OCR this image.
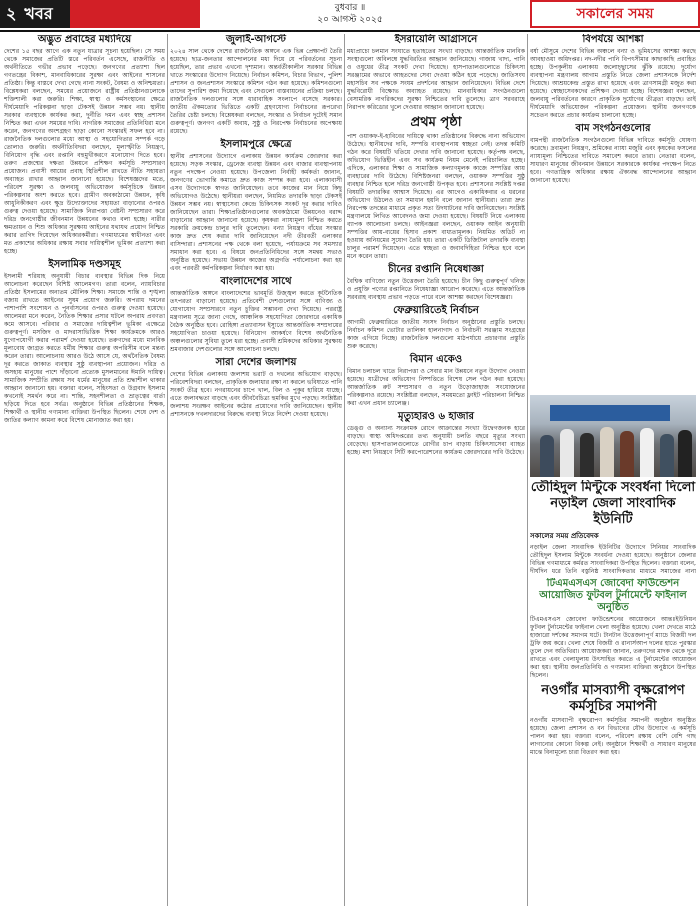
২ খবর	বুধবার ॥
২০ আগস্ট ২০২৫	সকালের সময়
অদ্ভুত প্রবাহের মধ্যদিয়ে
দেশের ১৫ বছর আগে এক নতুন যাত্রার সূচনা হয়েছিল। সে সময় থেকে সমাজের প্রতিটি স্তরে পরিবর্তন এসেছে, রাজনীতি ও অর্থনীতিতে গভীর প্রভাব পড়েছে। জনগণের প্রত্যাশা ছিল গণতন্ত্রের বিকাশ, মানবাধিকারের সুরক্ষা এবং আইনের শাসনের প্রতিষ্ঠা। কিন্তু বাস্তবে দেখা গেছে নানা সংকট, বৈষম্য ও অনিশ্চয়তা। বিশ্লেষকরা বলছেন, সময়ের প্রয়োজনে রাষ্ট্রীয় প্রতিষ্ঠানগুলোকে শক্তিশালী করা জরুরি। শিক্ষা, স্বাস্থ্য ও কর্মসংস্থানের ক্ষেত্রে দীর্ঘমেয়াদি পরিকল্পনা ছাড়া টেকসই উন্নয়ন সম্ভব নয়। স্থানীয় সরকার ব্যবস্থাকে কার্যকর করা, দুর্নীতি দমন এবং স্বচ্ছ প্রশাসন নিশ্চিত করা এখন সময়ের দাবি। নাগরিক সমাজের প্রতিনিধিরা মনে করেন, জনগণের অংশগ্রহণ ছাড়া কোনো সংস্কারই সফল হবে না। রাজনৈতিক দলগুলোর মধ্যে আস্থা ও সহযোগিতার সম্পর্ক গড়ে তোলাও জরুরি। অর্থনীতিবিদরা বলছেন, মূল্যস্ফীতি নিয়ন্ত্রণ, বিনিয়োগ বৃদ্ধি এবং রপ্তানি বহুমুখীকরণে মনোযোগ দিতে হবে। তরুণ প্রজন্মের দক্ষতা উন্নয়নে প্রশিক্ষণ কর্মসূচি সম্প্রসারণ প্রয়োজন। প্রবাসী আয়ের প্রবাহ স্থিতিশীল রাখতে নীতি সহায়তা অব্যাহত রাখার আহ্বান জানানো হয়েছে। বিশেষজ্ঞদের মতে, পরিবেশ সুরক্ষা ও জলবায়ু অভিযোজন কর্মসূচিকে উন্নয়ন পরিকল্পনার অংশ করতে হবে। গ্রামীণ অবকাঠামো উন্নয়ন, কৃষি আধুনিকীকরণ এবং ক্ষুদ্র উদ্যোক্তাদের সহায়তা বাড়ানোর ওপরও গুরুত্ব দেওয়া হয়েছে। সামাজিক নিরাপত্তা বেষ্টনী সম্প্রসারণ করে দরিদ্র জনগোষ্ঠীর জীবনমান উন্নয়নের কথাও বলা হচ্ছে। নারীর ক্ষমতায়ন ও শিশু অধিকার সুরক্ষায় আইনের যথাযথ প্রয়োগ নিশ্চিত করার তাগিদ দিয়েছেন অধিকারকর্মীরা। গণমাধ্যমের স্বাধীনতা এবং মত প্রকাশের অধিকার রক্ষায় সবার দায়িত্বশীল ভূমিকা প্রত্যাশা করা হচ্ছে।
ইসলামিক দণ্ডসমূহ
ইসলামী শরিয়াহ অনুযায়ী বিচার ব্যবস্থার বিভিন্ন দিক নিয়ে আলোচনা করেছেন বিশিষ্ট আলেমগণ। তারা বলেন, ন্যায়বিচার প্রতিষ্ঠা ইসলামের অন্যতম মৌলিক শিক্ষা। সমাজে শান্তি ও শৃঙ্খলা বজায় রাখতে আইনের সুষম প্রয়োগ জরুরি। অপরাধ দমনের পাশাপাশি সংশোধন ও পুনর্বাসনের ওপরও গুরুত্ব দেওয়া হয়েছে। আলেমরা মনে করেন, নৈতিক শিক্ষার প্রসার ঘটলে অপরাধ প্রবণতা কমে আসবে। পরিবার ও সমাজের দায়িত্বশীল ভূমিকা এক্ষেত্রে গুরুত্বপূর্ণ। মসজিদ ও মাদরাসাভিত্তিক শিক্ষা কার্যক্রমকে আরও যুগোপযোগী করার পরামর্শ দেওয়া হয়েছে। তরুণদের মধ্যে মানবিক মূল্যবোধ জাগ্রত করতে ধর্মীয় শিক্ষার গুরুত্ব অপরিসীম বলে মন্তব্য করেন তারা। আলোচনায় আরও উঠে আসে যে, অর্থনৈতিক বৈষম্য দূর করতে জাকাত ব্যবস্থার সুষ্ঠু ব্যবস্থাপনা প্রয়োজন। দরিদ্র ও অসহায় মানুষের পাশে দাঁড়ানো প্রত্যেক মুসলমানের ঈমানি দায়িত্ব। সামাজিক সম্প্রীতি রক্ষায় সব ধর্মের মানুষের প্রতি শ্রদ্ধাশীল থাকার আহ্বান জানানো হয়। বক্তারা বলেন, সহিংসতা ও উগ্রবাদ ইসলাম কখনোই সমর্থন করে না। শান্তি, সহনশীলতা ও ভ্রাতৃত্বের বার্তা ছড়িয়ে দিতে হবে সর্বত্র। অনুষ্ঠানে বিভিন্ন প্রতিষ্ঠানের শিক্ষক, শিক্ষার্থী ও স্থানীয় গণ্যমান্য ব্যক্তিরা উপস্থিত ছিলেন। শেষে দেশ ও জাতির কল্যাণ কামনা করে বিশেষ মোনাজাত করা হয়।
জুলাই-আগস্টে
২০২৪ সাল থেকে দেশের রাজনৈতিক অঙ্গনে এক ভিন্ন প্রেক্ষাপট তৈরি হয়েছে। ছাত্র-জনতার আন্দোলনের মধ্য দিয়ে যে পরিবর্তনের সূচনা হয়েছিল, তার প্রভাব এখনো দৃশ্যমান। অন্তর্বর্তীকালীন সরকার বিভিন্ন খাতে সংস্কারের উদ্যোগ নিয়েছে। নির্বাচন কমিশন, বিচার বিভাগ, পুলিশ প্রশাসন ও জনপ্রশাসন সংস্কারে কমিশন গঠন করা হয়েছে। কমিশনগুলো তাদের সুপারিশ জমা দিয়েছে এবং সেগুলো বাস্তবায়নের প্রক্রিয়া চলছে। রাজনৈতিক দলগুলোর সঙ্গে ধারাবাহিক সংলাপে বসেছে সরকার। জাতীয় ঐকমত্যের ভিত্তিতে একটি গ্রহণযোগ্য নির্বাচনের রূপরেখা তৈরির চেষ্টা চলছে। বিশ্লেষকরা বলছেন, সংস্কার ও নির্বাচন দুটোই সমান গুরুত্বপূর্ণ। জনগণ একটি অবাধ, সুষ্ঠু ও নিরপেক্ষ নির্বাচনের অপেক্ষায় রয়েছে।
ইসলামপুরে ক্ষেত্রে
স্থানীয় প্রশাসনের উদ্যোগে এলাকায় উন্নয়ন কার্যক্রম জোরদার করা হয়েছে। সড়ক সংস্কার, ড্রেনেজ ব্যবস্থা উন্নয়ন এবং বাজার ব্যবস্থাপনায় নতুন পদক্ষেপ নেওয়া হয়েছে। উপজেলা নির্বাহী কর্মকর্তা জানান, জনগণের ভোগান্তি কমাতে দ্রুত কাজ সম্পন্ন করা হবে। এলাকাবাসী এসব উদ্যোগকে স্বাগত জানিয়েছেন। তবে কাজের মান নিয়ে কিছু অভিযোগও উঠেছে। স্থানীয়রা বলছেন, নিয়মিত তদারকি ছাড়া টেকসই উন্নয়ন সম্ভব নয়। স্বাস্থ্যসেবা কেন্দ্রে চিকিৎসক সংকট দূর করার দাবিও জানিয়েছেন তারা। শিক্ষাপ্রতিষ্ঠানগুলোর অবকাঠামো উন্নয়নেও বরাদ্দ বাড়ানোর আহ্বান জানানো হয়েছে। কৃষকরা ন্যায্যমূল্য নিশ্চিত করতে সরকারি ক্রয়কেন্দ্র চালুর দাবি তুলেছেন। বন্যা নিয়ন্ত্রণ বাঁধের সংস্কার কাজ দ্রুত শেষ করার দাবি জানিয়েছেন নদী তীরবর্তী এলাকার বাসিন্দারা। প্রশাসনের পক্ষ থেকে বলা হয়েছে, পর্যায়ক্রমে সব সমস্যার সমাধান করা হবে। এ বিষয়ে জনপ্রতিনিধিদের সঙ্গে সমন্বয় সভাও অনুষ্ঠিত হয়েছে। সভায় উন্নয়ন কাজের অগ্রগতি পর্যালোচনা করা হয় এবং পরবর্তী কর্মপরিকল্পনা নির্ধারণ করা হয়।
বাংলাদেশের সাথে
আন্তর্জাতিক অঙ্গনে বাংলাদেশের ভাবমূর্তি উজ্জ্বল করতে কূটনৈতিক তৎপরতা বাড়ানো হয়েছে। প্রতিবেশী দেশগুলোর সঙ্গে বাণিজ্য ও যোগাযোগ সম্প্রসারণে নতুন চুক্তির সম্ভাবনা দেখা দিয়েছে। পররাষ্ট্র মন্ত্রণালয় সূত্রে জানা গেছে, আঞ্চলিক সহযোগিতা জোরদারে একাধিক বৈঠক অনুষ্ঠিত হবে। রোহিঙ্গা প্রত্যাবাসন ইস্যুতে আন্তর্জাতিক সম্প্রদায়ের সহযোগিতা চাওয়া হয়েছে। বিনিয়োগ আকর্ষণে বিশেষ অর্থনৈতিক অঞ্চলগুলোর সুবিধা তুলে ধরা হচ্ছে। প্রবাসী শ্রমিকদের অধিকার সুরক্ষায় শ্রমবাজার দেশগুলোর সঙ্গে আলোচনা চলছে।
সারা দেশের জলাশয়
দেশের বিভিন্ন এলাকায় জলাশয় ভরাট ও দখলের অভিযোগ বাড়ছে। পরিবেশবিদরা বলছেন, প্রাকৃতিক জলাধার রক্ষা না করলে ভবিষ্যতে পানি সংকট তীব্র হবে। নগরায়নের চাপে খাল, বিল ও পুকুর হারিয়ে যাচ্ছে। এতে জলাবদ্ধতা বাড়ছে এবং জীববৈচিত্র্য হুমকির মুখে পড়ছে। সংশ্লিষ্টরা জলাশয় সংরক্ষণ আইনের কঠোর প্রয়োগের দাবি জানিয়েছেন। স্থানীয় প্রশাসনকে দখলদারদের বিরুদ্ধে ব্যবস্থা নিতে নির্দেশ দেওয়া হয়েছে।
ইসরায়েলি আগ্রাসনে
মধ্যপ্রাচ্যে চলমান সংঘাতে হতাহতের সংখ্যা বাড়ছে। আন্তর্জাতিক মানবিক সংস্থাগুলো অবিলম্বে যুদ্ধবিরতির আহ্বান জানিয়েছে। গাজায় খাদ্য, পানি ও ওষুধের তীব্র সংকট দেখা দিয়েছে। হাসপাতালগুলোতে চিকিৎসা সরঞ্জামের অভাবে আহতদের সেবা দেওয়া কঠিন হয়ে পড়েছে। জাতিসংঘ মহাসচিব সব পক্ষকে সংযম প্রদর্শনের আহ্বান জানিয়েছেন। বিভিন্ন দেশে যুদ্ধবিরোধী বিক্ষোভ অব্যাহত রয়েছে। মানবাধিকার সংগঠনগুলো বেসামরিক নাগরিকদের সুরক্ষা নিশ্চিতের দাবি তুলেছে। ত্রাণ সরবরাহে নিরাপদ করিডোর খুলে দেওয়ার আহ্বান জানানো হয়েছে।
প্রথম পৃষ্ঠা
পাশ ওয়াকফ-ই-হাবিবের দায়িত্বে থাকা প্রতিষ্ঠানের বিরুদ্ধে নানা অভিযোগ উঠেছে। স্থানীয়দের দাবি, সম্পত্তি ব্যবস্থাপনায় স্বচ্ছতা নেই। তদন্ত কমিটি গঠন করে বিষয়টি খতিয়ে দেখার দাবি জানানো হয়েছে। কর্তৃপক্ষ বলছে, অভিযোগ ভিত্তিহীন এবং সব কার্যক্রম নিয়ম মেনেই পরিচালিত হচ্ছে। এদিকে, এলাকার শিক্ষা ও সামাজিক কল্যাণমূলক কাজে সম্পত্তির আয় ব্যবহারের দাবি উঠেছে। বিশিষ্টজনরা বলছেন, ওয়াকফ সম্পত্তির সুষ্ঠু ব্যবহার নিশ্চিত হলে দরিদ্র জনগোষ্ঠী উপকৃত হবে। প্রশাসনের সংশ্লিষ্ট দপ্তর বিষয়টি তদারকির আশ্বাস দিয়েছে। এর আগেও একাধিকবার এ ধরনের অভিযোগ উঠলেও তা সমাধান হয়নি বলে জানান স্থানীয়রা। তারা দ্রুত নিরপেক্ষ তদন্তের মাধ্যমে প্রকৃত সত্য উদঘাটনের দাবি জানিয়েছেন। সংশ্লিষ্ট মন্ত্রণালয়ে লিখিত আবেদনও জমা দেওয়া হয়েছে। বিষয়টি নিয়ে এলাকায় ব্যাপক আলোচনা চলছে। আইনজ্ঞরা বলছেন, ওয়াকফ আইন অনুযায়ী সম্পত্তির আয়-ব্যয়ের হিসাব প্রকাশ বাধ্যতামূলক। নিয়মিত অডিট না হওয়ায় অনিয়মের সুযোগ তৈরি হয়। তারা একটি ডিজিটাল তদারকি ব্যবস্থা চালুর পরামর্শ দিয়েছেন। এতে স্বচ্ছতা ও জবাবদিহিতা নিশ্চিত হবে বলে মনে করেন তারা।
চীনের রপ্তানি নিষেধাজ্ঞা
বৈশ্বিক বাণিজ্যে নতুন উত্তেজনা তৈরি হয়েছে। চীন কিছু গুরুত্বপূর্ণ খনিজ ও প্রযুক্তি পণ্যের রপ্তানিতে নিষেধাজ্ঞা আরোপ করেছে। এতে আন্তর্জাতিক সরবরাহ ব্যবস্থায় প্রভাব পড়তে পারে বলে আশঙ্কা করছেন বিশেষজ্ঞরা।
ফেব্রুয়ারিতেই নির্বাচন
আগামী ফেব্রুয়ারিতে জাতীয় সংসদ নির্বাচন অনুষ্ঠানের প্রস্তুতি চলছে। নির্বাচন কমিশন ভোটার তালিকা হালনাগাদ ও নির্বাচনী সরঞ্জাম সংগ্রহের কাজ এগিয়ে নিচ্ছে। রাজনৈতিক দলগুলো মাঠপর্যায়ে প্রচারণার প্রস্তুতি শুরু করেছে।
বিমান একেও
বিমান চলাচল খাতে নিরাপত্তা ও সেবার মান উন্নয়নে নতুন উদ্যোগ নেওয়া হয়েছে। যাত্রীদের অভিযোগ নিষ্পত্তিতে বিশেষ সেল গঠন করা হয়েছে। আন্তর্জাতিক রুট সম্প্রসারণ ও নতুন উড়োজাহাজ সংযোজনের পরিকল্পনাও রয়েছে। সংশ্লিষ্টরা বলছেন, সময়মতো ফ্লাইট পরিচালনা নিশ্চিত করা এখন প্রধান চ্যালেঞ্জ।
মৃত্যুহারও ৬ হাজার
ডেঙ্গু ও অন্যান্য সংক্রামক রোগে আক্রান্তের সংখ্যা উদ্বেগজনক হারে বাড়ছে। স্বাস্থ্য অধিদপ্তরের তথ্য অনুযায়ী চলতি বছরে মৃত্যুর সংখ্যা বেড়েছে। হাসপাতালগুলোতে রোগীর চাপ বাড়ায় চিকিৎসাসেবা ব্যাহত হচ্ছে। মশা নিয়ন্ত্রণে সিটি করপোরেশনের কার্যক্রম জোরদারের দাবি উঠেছে।
বিপর্যয়ে আশঙ্কা
বর্ষা মৌসুমে দেশের বিভিন্ন অঞ্চলে বন্যা ও ভূমিধসের আশঙ্কা করছে আবহাওয়া অধিদপ্তর। নদ-নদীর পানি বিপৎসীমার কাছাকাছি প্রবাহিত হচ্ছে। উপকূলীয় এলাকায় জলোচ্ছ্বাসের ঝুঁকি রয়েছে। দুর্যোগ ব্যবস্থাপনা মন্ত্রণালয় আগাম প্রস্তুতি নিতে জেলা প্রশাসনকে নির্দেশ দিয়েছে। আশ্রয়কেন্দ্র প্রস্তুত রাখা হয়েছে এবং ত্রাণসামগ্রী মজুত করা হয়েছে। স্বেচ্ছাসেবকদের প্রশিক্ষণ দেওয়া হচ্ছে। বিশেষজ্ঞরা বলছেন, জলবায়ু পরিবর্তনের কারণে প্রাকৃতিক দুর্যোগের তীব্রতা বাড়ছে। তাই দীর্ঘমেয়াদি অভিযোজন পরিকল্পনা প্রয়োজন। স্থানীয় জনগণকে সচেতন করতে প্রচার কার্যক্রম চালানো হচ্ছে।
বাম সংগঠনগুলোর
বামপন্থী রাজনৈতিক সংগঠনগুলো বিভিন্ন দাবিতে কর্মসূচি ঘোষণা করেছে। দ্রব্যমূল্য নিয়ন্ত্রণ, শ্রমিকের ন্যায্য মজুরি এবং কৃষকের ফসলের ন্যায্যমূল্য নিশ্চিতের দাবিতে সমাবেশ করবে তারা। নেতারা বলেন, সাধারণ মানুষের জীবনমান উন্নয়নে সরকারকে কার্যকর পদক্ষেপ নিতে হবে। গণতান্ত্রিক অধিকার রক্ষায় ঐক্যবদ্ধ আন্দোলনের আহ্বান জানানো হয়েছে।
তৌহিদুল মিন্টুকে সংবর্ধনা দিলো নড়াইল জেলা সাংবাদিক ইউনিটি
সকালের সময় প্রতিবেদক
নড়াইল জেলা সাংবাদিক ইউনিটির উদ্যোগে সিনিয়র সাংবাদিক তৌহিদুল ইসলাম মিন্টুকে সংবর্ধনা দেওয়া হয়েছে। অনুষ্ঠানে জেলার বিভিন্ন গণমাধ্যমে কর্মরত সাংবাদিকরা উপস্থিত ছিলেন। বক্তারা বলেন, দীর্ঘদিন ধরে তিনি বস্তুনিষ্ঠ সাংবাদিকতার মাধ্যমে সমাজের নানা
টিএমএসএস জোবেদা ফাউন্ডেশন আয়োজিত ফুটবল টুর্নামেন্টে ফাইনাল অনুষ্ঠিত
টিএমএসএস জোবেদা ফাউন্ডেশনের আয়োজনে আন্তঃইউনিয়ন ফুটবল টুর্নামেন্টের ফাইনাল খেলা অনুষ্ঠিত হয়েছে। খেলা দেখতে মাঠে হাজারো দর্শকের সমাগম ঘটে। টানটান উত্তেজনাপূর্ণ ম্যাচে বিজয়ী দল ট্রফি জয় করে। খেলা শেষে বিজয়ী ও রানার্সআপ দলের হাতে পুরস্কার তুলে দেন অতিথিরা। আয়োজকরা জানান, তরুণদের মাদক থেকে দূরে রাখতে এবং খেলাধুলায় উৎসাহিত করতে এ টুর্নামেন্টের আয়োজন করা হয়। স্থানীয় জনপ্রতিনিধি ও গণ্যমান্য ব্যক্তিরা অনুষ্ঠানে উপস্থিত ছিলেন।
নওগাঁর মাসব্যাপী বৃক্ষরোপণ কর্মসূচির সমাপনী
নওগাঁয় মাসব্যাপী বৃক্ষরোপণ কর্মসূচির সমাপনী অনুষ্ঠান অনুষ্ঠিত হয়েছে। জেলা প্রশাসন ও বন বিভাগের যৌথ উদ্যোগে এ কর্মসূচি পালন করা হয়। বক্তারা বলেন, পরিবেশ রক্ষায় বেশি বেশি গাছ লাগানোর কোনো বিকল্প নেই। অনুষ্ঠানে শিক্ষার্থী ও সাধারণ মানুষের মাঝে বিনামূল্যে চারা বিতরণ করা হয়।
